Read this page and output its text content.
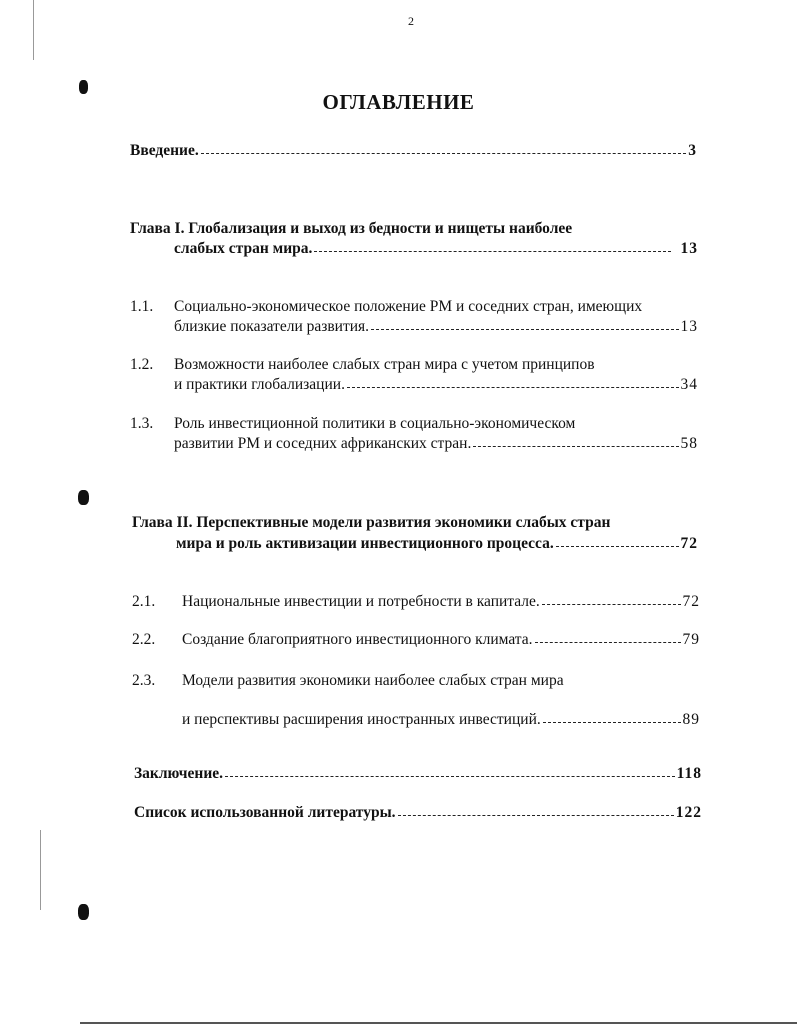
2
ОГЛАВЛЕНИЕ
Введение.	3
Глава I. Глобализация и выход из бедности и нищеты наиболее
слабых стран мира.	13
1.1.	Социально-экономическое положение РМ и соседних стран, имеющих
близкие показатели развития.	13
1.2.	Возможности наиболее слабых стран мира с учетом принципов
и практики глобализации.	34
1.3.	Роль инвестиционной политики в социально-экономическом
развитии РМ и соседних африканских стран.	58
Глава II. Перспективные модели развития экономики слабых стран
мира и роль активизации инвестиционного процесса.	72
2.1.	Национальные инвестиции и потребности в капитале.	72
2.2.	Создание благоприятного инвестиционного климата.	79
2.3.	Модели развития экономики наиболее слабых стран мира
и перспективы расширения иностранных инвестиций.	89
Заключение.	118
Список использованной литературы.	122
